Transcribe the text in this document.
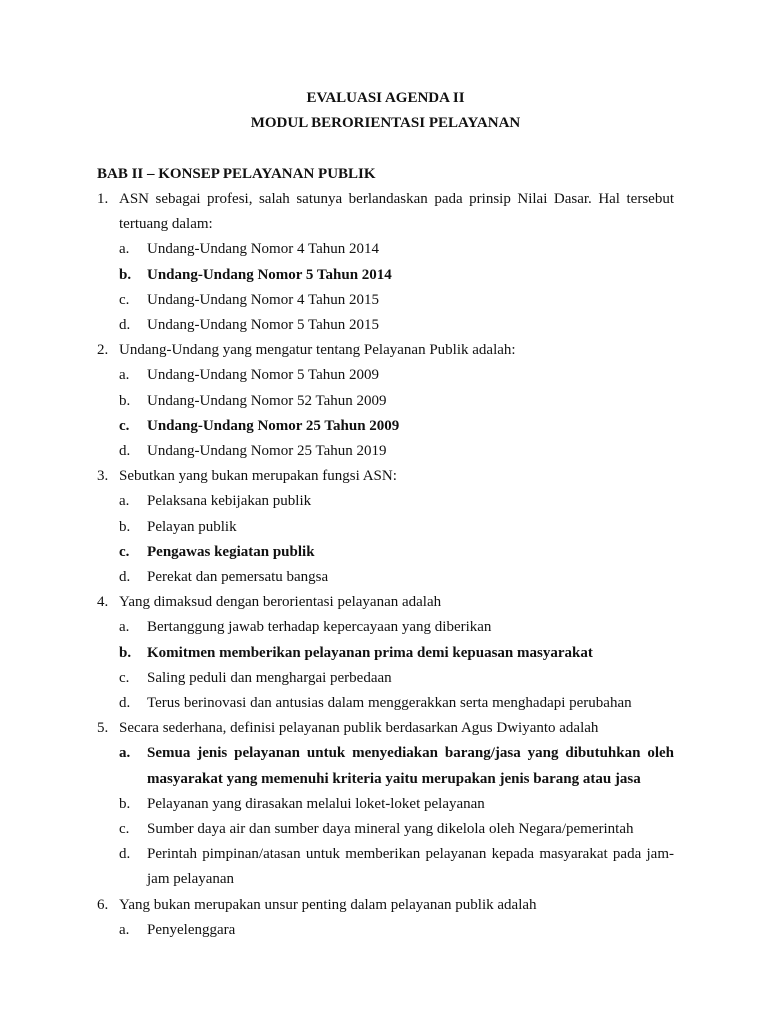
EVALUASI AGENDA II

MODUL BERORIENTASI PELAYANAN

BAB II – KONSEP PELAYANAN PUBLIK

1. ASN sebagai profesi, salah satunya berlandaskan pada prinsip Nilai Dasar. Hal tersebut tertuang dalam:
a.	Undang-Undang Nomor 4 Tahun 2014
b.	Undang-Undang Nomor 5 Tahun 2014
c.	Undang-Undang Nomor 4 Tahun 2015
d.	Undang-Undang Nomor 5 Tahun 2015
2. Undang-Undang yang mengatur tentang Pelayanan Publik adalah:
a.	Undang-Undang Nomor 5 Tahun 2009
b.	Undang-Undang Nomor 52 Tahun 2009
c.	Undang-Undang Nomor 25 Tahun 2009
d.	Undang-Undang Nomor 25 Tahun 2019
3. Sebutkan yang bukan merupakan fungsi ASN:
a.	Pelaksana kebijakan publik
b.	Pelayan publik
c.	Pengawas kegiatan publik
d.	Perekat dan pemersatu bangsa
4. Yang dimaksud dengan berorientasi pelayanan adalah
a.	Bertanggung jawab terhadap kepercayaan yang diberikan
b.	Komitmen memberikan pelayanan prima demi kepuasan masyarakat
c.	Saling peduli dan menghargai perbedaan
d.	Terus berinovasi dan antusias dalam menggerakkan serta menghadapi perubahan
5. Secara sederhana, definisi pelayanan publik berdasarkan Agus Dwiyanto adalah
a.	Semua jenis pelayanan untuk menyediakan barang/jasa yang dibutuhkan oleh masyarakat yang memenuhi kriteria yaitu merupakan jenis barang atau jasa
b.	Pelayanan yang dirasakan melalui loket-loket pelayanan
c.	Sumber daya air dan sumber daya mineral yang dikelola oleh Negara/pemerintah
d.	Perintah pimpinan/atasan untuk memberikan pelayanan kepada masyarakat pada jam-jam pelayanan
6. Yang bukan merupakan unsur penting dalam pelayanan publik adalah
a.	Penyelenggara
